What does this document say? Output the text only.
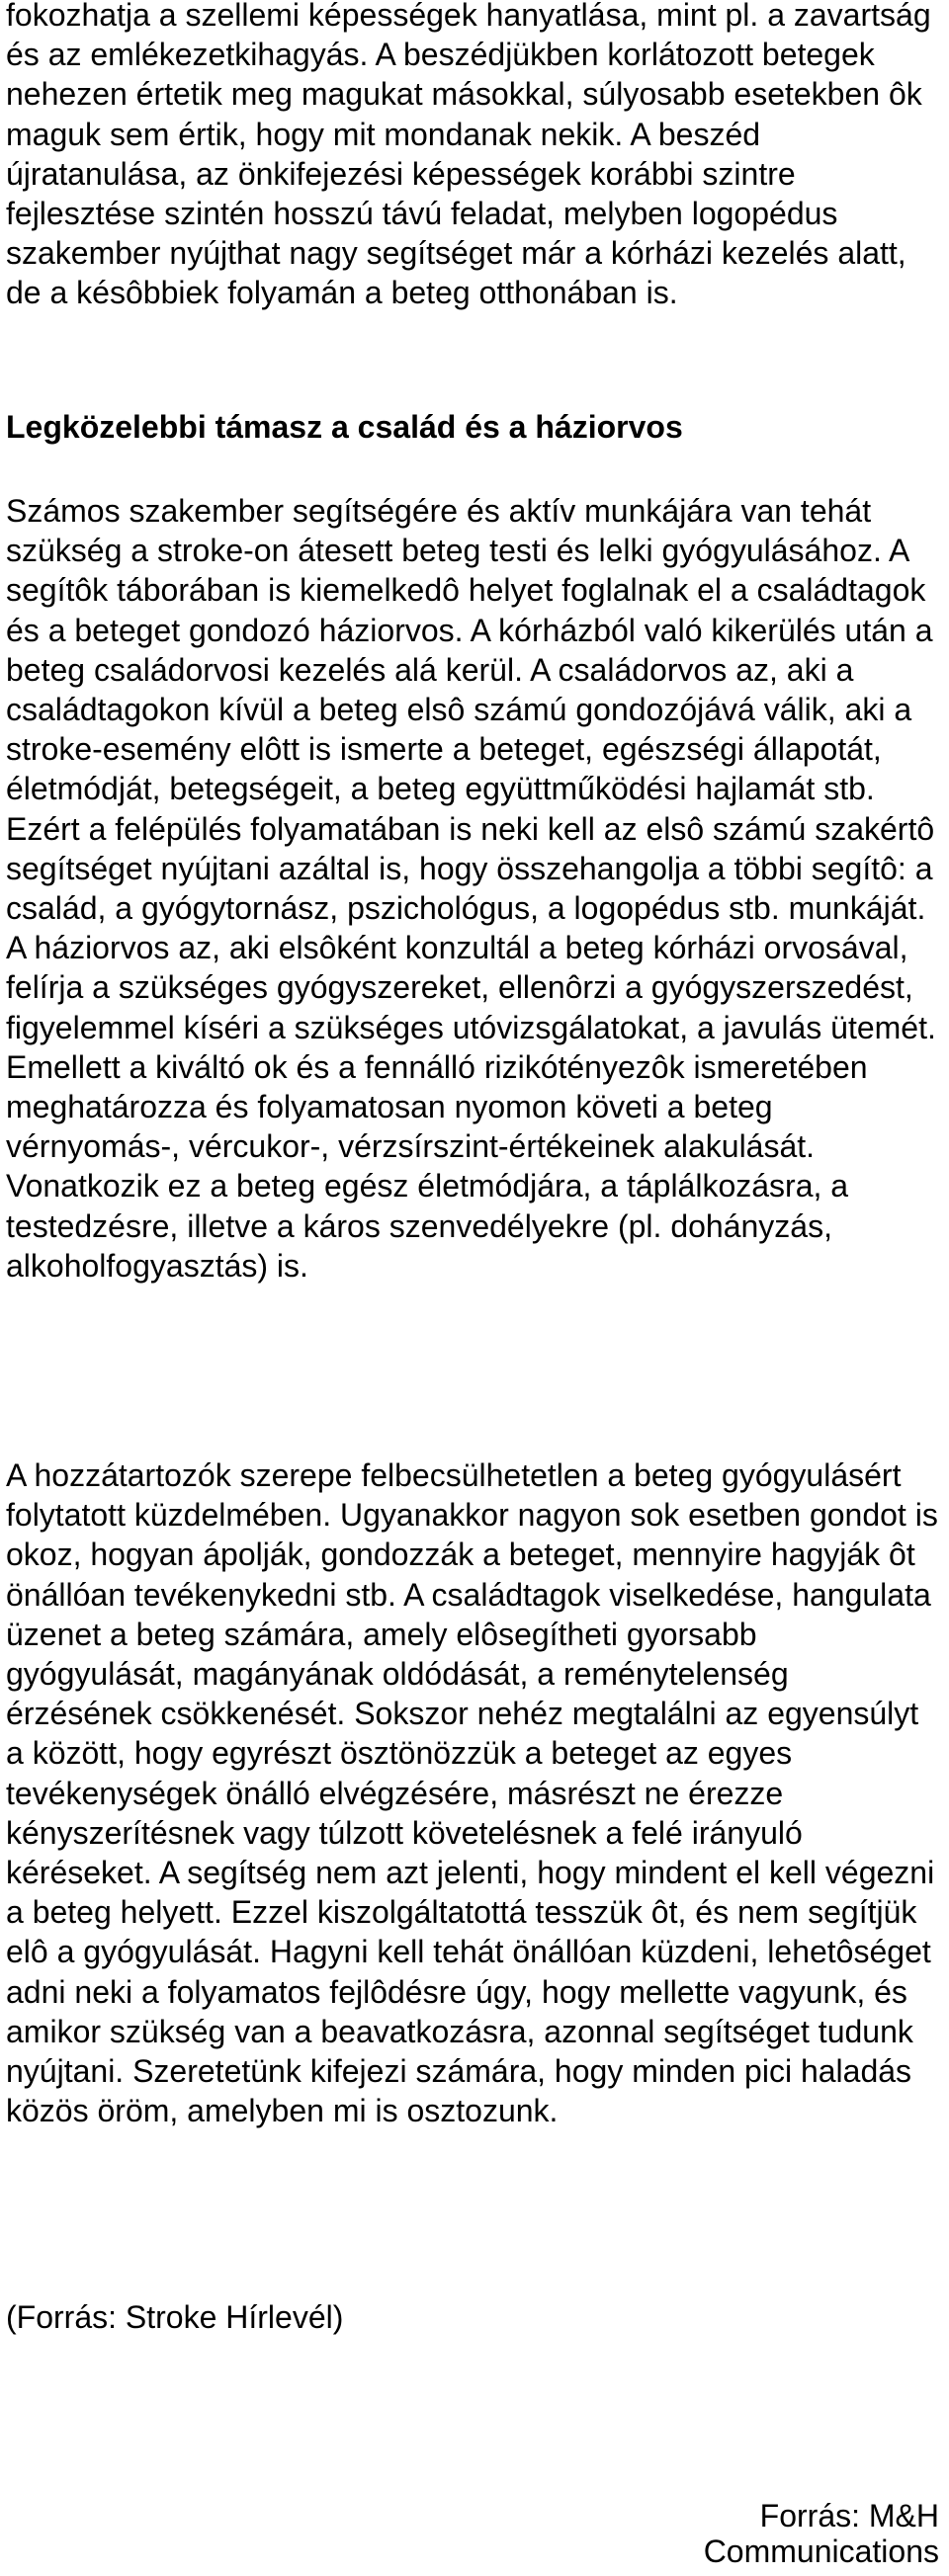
fokozhatja a szellemi képességek hanyatlása, mint pl. a zavartság és az emlékezetkihagyás. A beszédjükben korlátozott betegek nehezen értetik meg magukat másokkal, súlyosabb esetekben ôk maguk sem értik, hogy mit mondanak nekik. A beszéd újratanulása, az önkifejezési képességek korábbi szintre fejlesztése szintén hosszú távú feladat, melyben logopédus szakember nyújthat nagy segítséget már a kórházi kezelés alatt, de a késôbbiek folyamán a beteg otthonában is.

Legközelebbi támasz a család és a háziorvos

Számos szakember segítségére és aktív munkájára van tehát szükség a stroke-on átesett beteg testi és lelki gyógyulásához. A segítôk táborában is kiemelkedô helyet foglalnak el a családtagok és a beteget gondozó háziorvos. A kórházból való kikerülés után a beteg családorvosi kezelés alá kerül. A családorvos az, aki a családtagokon kívül a beteg elsô számú gondozójává válik, aki a stroke-esemény elôtt is ismerte a beteget, egészségi állapotát, életmódját, betegségeit, a beteg együttműködési hajlamát stb. Ezért a felépülés folyamatában is neki kell az elsô számú szakértô segítséget nyújtani azáltal is, hogy összehangolja a többi segítô: a család, a gyógytornász, pszichológus, a logopédus stb. munkáját. A háziorvos az, aki elsôként konzultál a beteg kórházi orvosával, felírja a szükséges gyógyszereket, ellenôrzi a gyógyszerszedést, figyelemmel kíséri a szükséges utóvizsgálatokat, a javulás ütemét. Emellett a kiváltó ok és a fennálló rizikótényezôk ismeretében meghatározza és folyamatosan nyomon követi a beteg vérnyomás-, vércukor-, vérzsírszint-értékeinek alakulását. Vonatkozik ez a beteg egész életmódjára, a táplálkozásra, a testedzésre, illetve a káros szenvedélyekre (pl. dohányzás, alkoholfogyasztás) is.

A hozzátartozók szerepe felbecsülhetetlen a beteg gyógyulásért folytatott küzdelmében. Ugyanakkor nagyon sok esetben gondot is okoz, hogyan ápolják, gondozzák a beteget, mennyire hagyják ôt önállóan tevékenykedni stb. A családtagok viselkedése, hangulata üzenet a beteg számára, amely elôsegítheti gyorsabb gyógyulását, magányának oldódását, a reménytelenség érzésének csökkenését. Sokszor nehéz megtalálni az egyensúlyt a között, hogy egyrészt ösztönözzük a beteget az egyes tevékenységek önálló elvégzésére, másrészt ne érezze kényszerítésnek vagy túlzott követelésnek a felé irányuló kéréseket. A segítség nem azt jelenti, hogy mindent el kell végezni a beteg helyett. Ezzel kiszolgáltatottá tesszük ôt, és nem segítjük elô a gyógyulását. Hagyni kell tehát önállóan küzdeni, lehetôséget adni neki a folyamatos fejlôdésre úgy, hogy mellette vagyunk, és amikor szükség van a beavatkozásra, azonnal segítséget tudunk nyújtani. Szeretetünk kifejezi számára, hogy minden pici haladás közös öröm, amelyben mi is osztozunk.

(Forrás: Stroke Hírlevél)

Forrás: M&H Communications
